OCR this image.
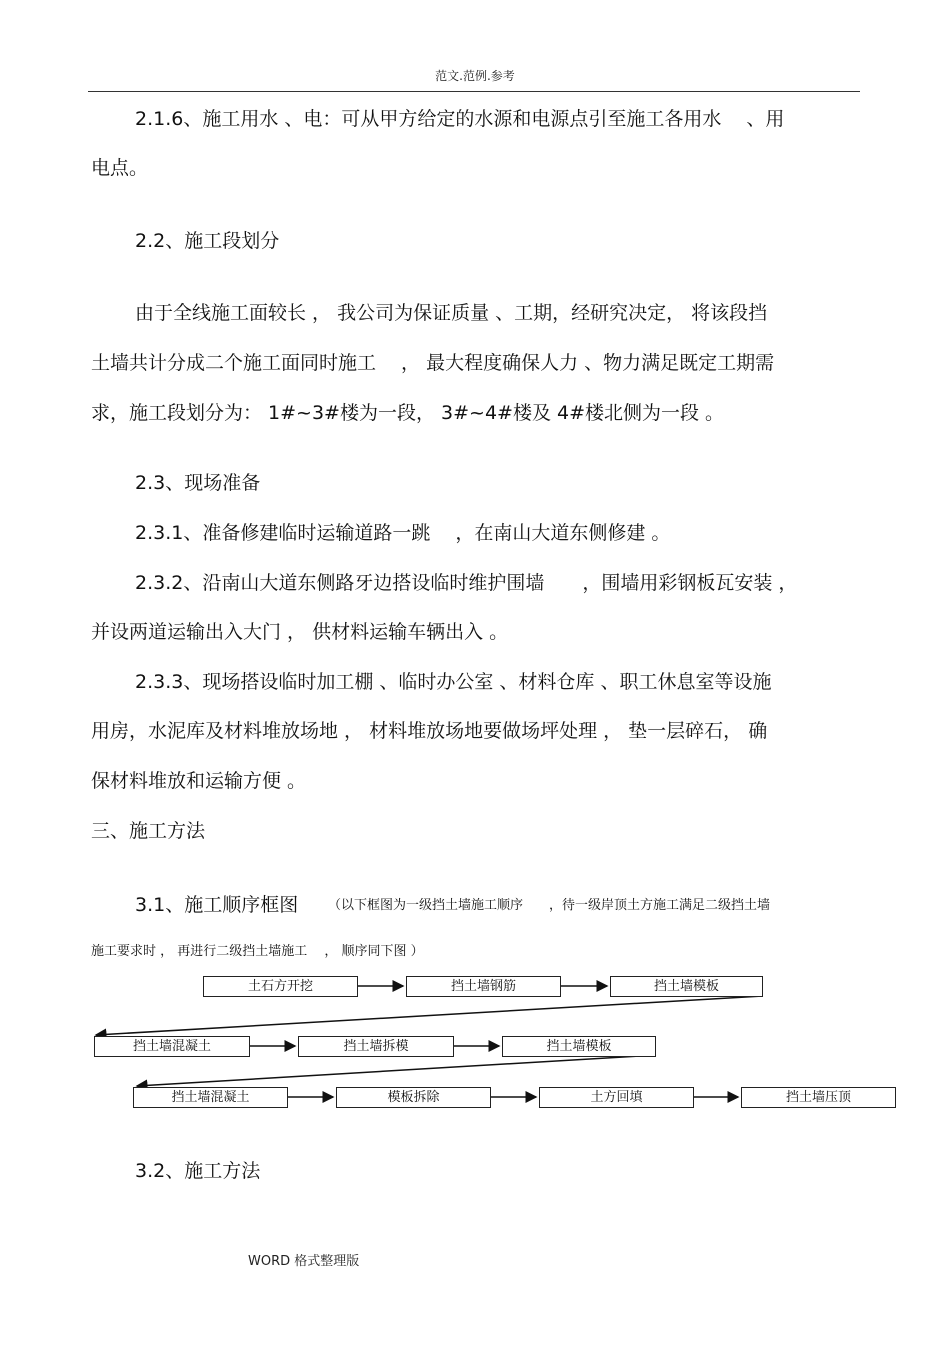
范文.范例.参考
2.1.6、施工用水 、电：可从甲方给定的水源和电源点引至施工各用水　 、用
电点。
2.2、施工段划分
由于全线施工面较长 ， 我公司为保证质量 、工期，经研究决定， 将该段挡
土墙共计分成二个施工面同时施工　 ， 最大程度确保人力 、物力满足既定工期需
求，施工段划分为： 1#~3#楼为一段， 3#~4#楼及 4#楼北侧为一段 。
2.3、现场准备
2.3.1、准备修建临时运输道路一跳　 ，在南山大道东侧修建 。
2.3.2、沿南山大道东侧路牙边搭设临时维护围墙　　，围墙用彩钢板瓦安装 ，
并设两道运输出入大门 ， 供材料运输车辆出入 。
2.3.3、现场搭设临时加工棚 、临时办公室 、材料仓库 、职工休息室等设施
用房，水泥库及材料堆放场地 ， 材料堆放场地要做场坪处理 ， 垫一层碎石， 确
保材料堆放和运输方便 。
三、施工方法
3.1、施工顺序框图 （以下框图为一级挡土墙施工顺序　　，待一级岸顶土方施工满足二级挡土墙
施工要求时 ， 再进行二级挡土墙施工　 ， 顺序同下图 ）
土石方开挖	挡土墙钢筋	挡土墙模板
挡土墙混凝土	挡土墙拆模	挡土墙模板
挡土墙混凝土	模板拆除	土方回填	挡土墙压顶
3.2、施工方法
WORD 格式整理版
